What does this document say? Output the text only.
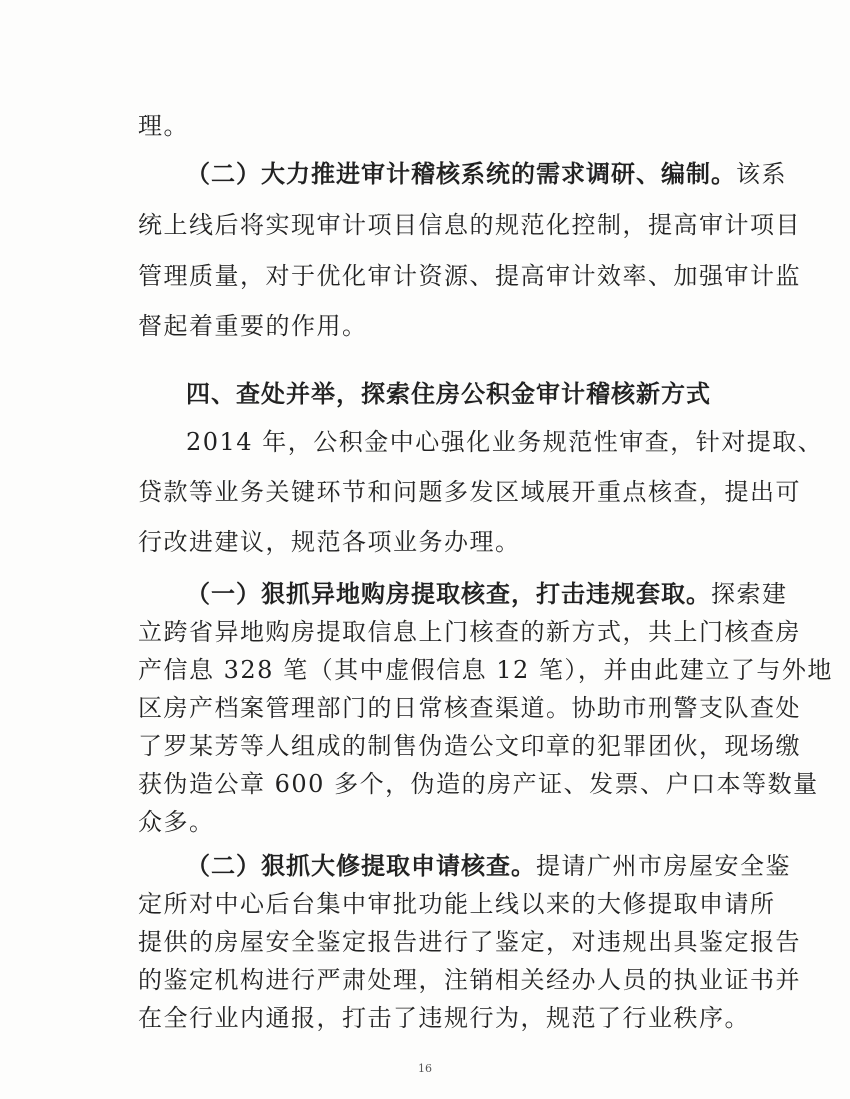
理。
（二）大力推进审计稽核系统的需求调研、编制。该系
统上线后将实现审计项目信息的规范化控制，提高审计项目
管理质量，对于优化审计资源、提高审计效率、加强审计监
督起着重要的作用。
四、查处并举，探索住房公积金审计稽核新方式
2014 年，公积金中心强化业务规范性审查，针对提取、
贷款等业务关键环节和问题多发区域展开重点核查，提出可
行改进建议，规范各项业务办理。
（一）狠抓异地购房提取核查，打击违规套取。探索建
立跨省异地购房提取信息上门核查的新方式，共上门核查房
产信息 328 笔（其中虚假信息 12 笔），并由此建立了与外地
区房产档案管理部门的日常核查渠道。协助市刑警支队查处
了罗某芳等人组成的制售伪造公文印章的犯罪团伙，现场缴
获伪造公章 600 多个，伪造的房产证、发票、户口本等数量
众多。
（二）狠抓大修提取申请核查。提请广州市房屋安全鉴
定所对中心后台集中审批功能上线以来的大修提取申请所
提供的房屋安全鉴定报告进行了鉴定，对违规出具鉴定报告
16
的鉴定机构进行严肃处理，注销相关经办人员的执业证书并
在全行业内通报，打击了违规行为，规范了行业秩序。
